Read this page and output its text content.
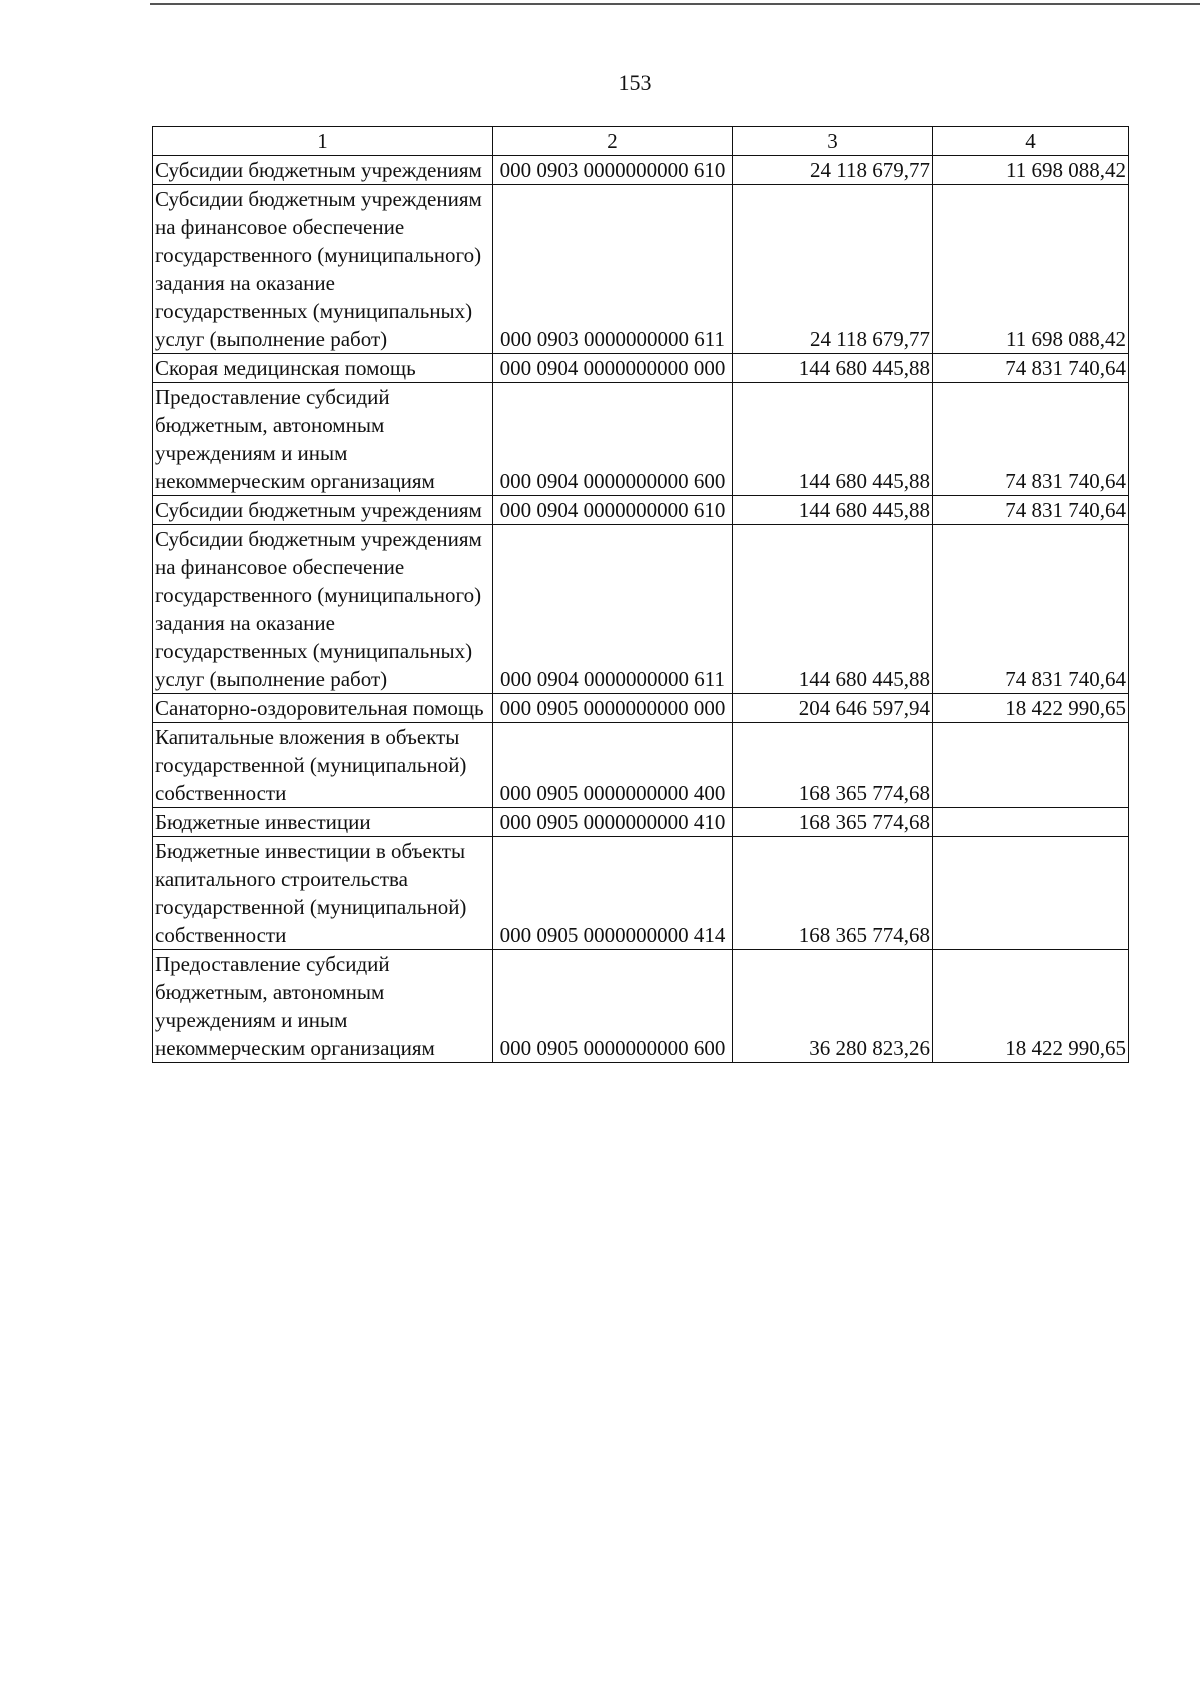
153
1	2	3	4
Субсидии бюджетным учреждениям	000 0903 0000000000 610	24 118 679,77	11 698 088,42
Субсидии бюджетным учреждениям на финансовое обеспечение государственного (муниципального) задания на оказание государственных (муниципальных) услуг (выполнение работ)	000 0903 0000000000 611	24 118 679,77	11 698 088,42
Скорая медицинская помощь	000 0904 0000000000 000	144 680 445,88	74 831 740,64
Предоставление субсидий бюджетным, автономным учреждениям и иным некоммерческим организациям	000 0904 0000000000 600	144 680 445,88	74 831 740,64
Субсидии бюджетным учреждениям	000 0904 0000000000 610	144 680 445,88	74 831 740,64
Субсидии бюджетным учреждениям на финансовое обеспечение государственного (муниципального) задания на оказание государственных (муниципальных) услуг (выполнение работ)	000 0904 0000000000 611	144 680 445,88	74 831 740,64
Санаторно-оздоровительная помощь	000 0905 0000000000 000	204 646 597,94	18 422 990,65
Капитальные вложения в объекты государственной (муниципальной) собственности	000 0905 0000000000 400	168 365 774,68	
Бюджетные инвестиции	000 0905 0000000000 410	168 365 774,68	
Бюджетные инвестиции в объекты капитального строительства государственной (муниципальной) собственности	000 0905 0000000000 414	168 365 774,68	
Предоставление субсидий бюджетным, автономным учреждениям и иным некоммерческим организациям	000 0905 0000000000 600	36 280 823,26	18 422 990,65
